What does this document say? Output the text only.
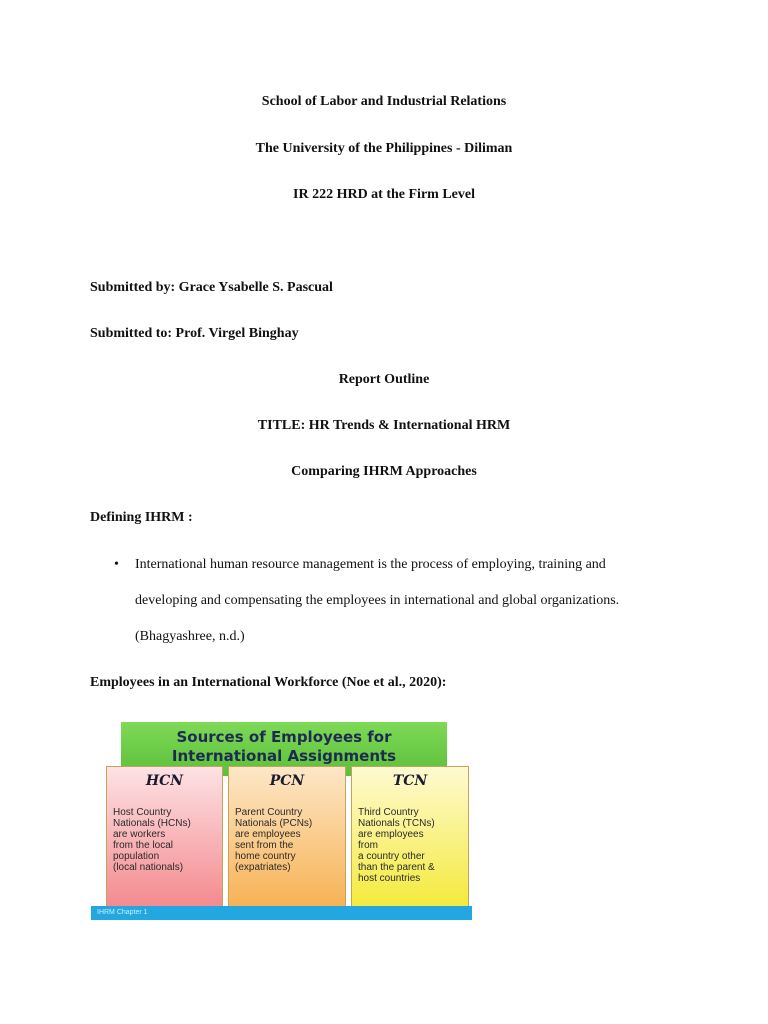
School of Labor and Industrial Relations
The University of the Philippines - Diliman
IR 222 HRD at the Firm Level
Submitted by: Grace Ysabelle S. Pascual
Submitted to: Prof. Virgel Binghay
Report Outline
TITLE: HR Trends & International HRM
Comparing IHRM Approaches
Defining IHRM :
• International human resource management is the process of employing, training and
developing and compensating the employees in international and global organizations.
(Bhagyashree, n.d.)
Employees in an International Workforce (Noe et al., 2020):
Sources of Employees for
International Assignments
HCN
Host Country
Nationals (HCNs)
are workers
from the local
population
(local nationals)
PCN
Parent Country
Nationals (PCNs)
are employees
sent from the
home country
(expatriates)
TCN
Third Country
Nationals (TCNs)
are employees
from
a country other
than the parent &
host countries
IHRM Chapter 1
